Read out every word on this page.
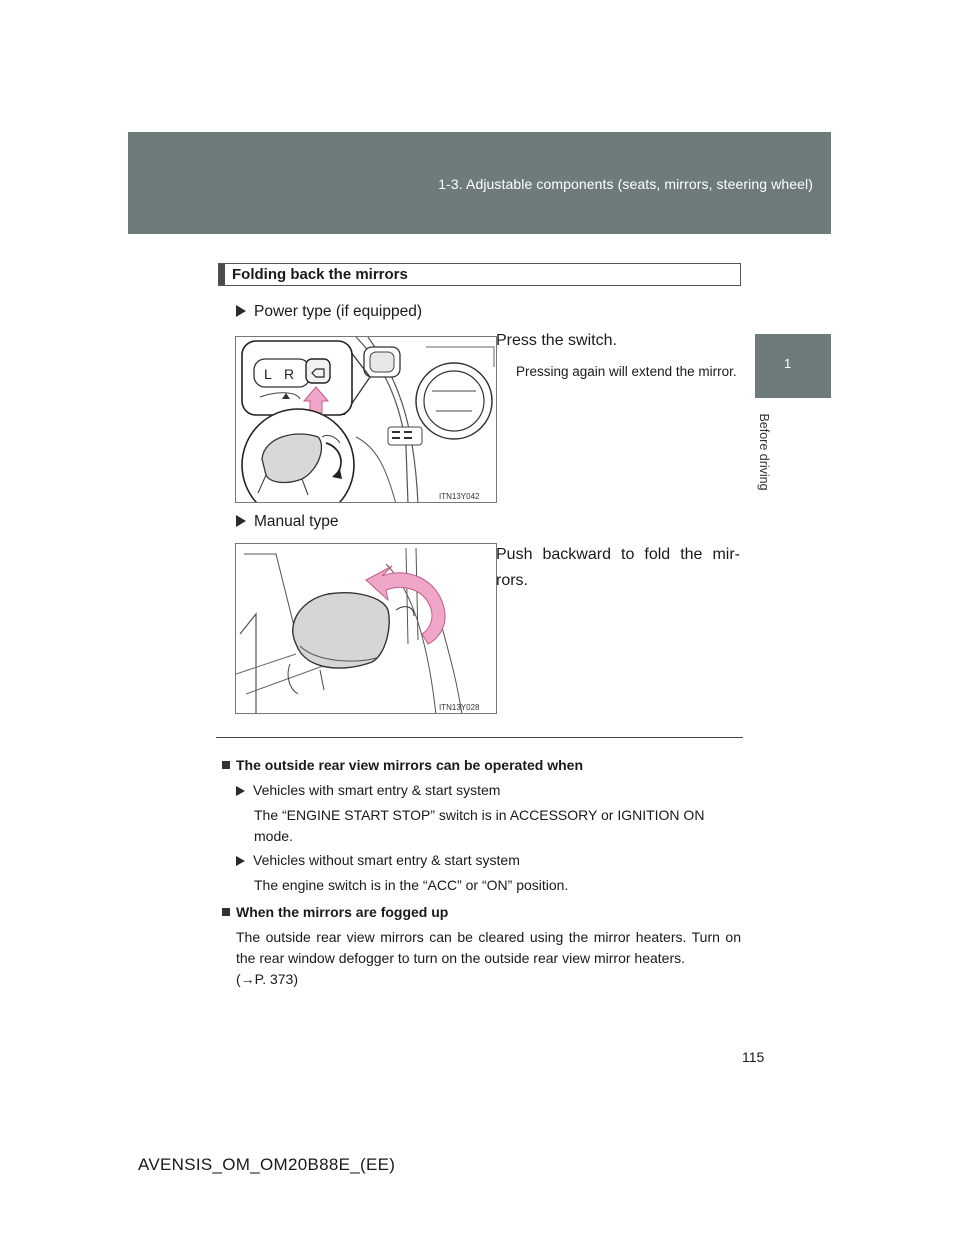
1-3. Adjustable components (seats, mirrors, steering wheel)
1
Before driving
Folding back the mirrors
Power type (if equipped)
L R
ITN13Y042
Press the switch.
Pressing again will extend the mirror.
Manual type
ITN13Y028
Push backward to fold the mir-rors.
The outside rear view mirrors can be operated when
Vehicles with smart entry & start system
The “ENGINE START STOP” switch is in ACCESSORY or IGNITION ON mode.
Vehicles without smart entry & start system
The engine switch is in the “ACC” or “ON” position.
When the mirrors are fogged up
The outside rear view mirrors can be cleared using the mirror heaters. Turn on the rear window defogger to turn on the outside rear view mirror heaters.
(→P. 373)
115
AVENSIS_OM_OM20B88E_(EE)
